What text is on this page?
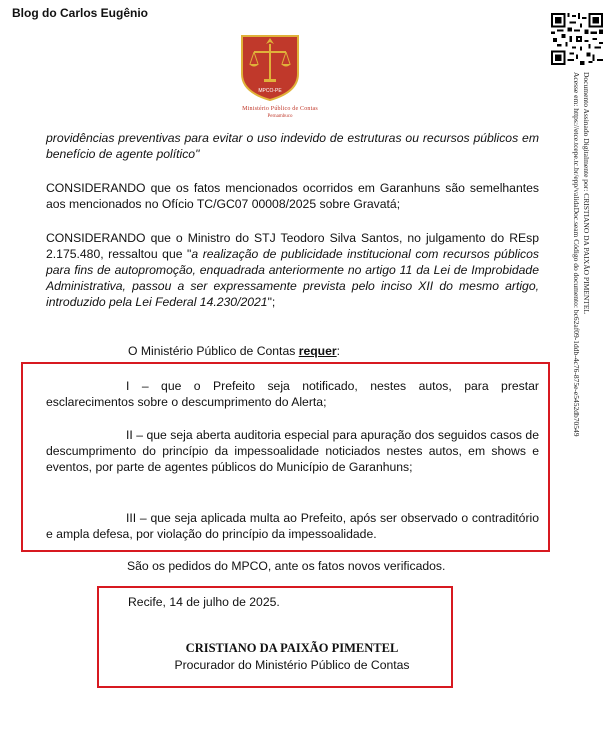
Blog do Carlos Eugênio
Documento Assinado Digitalmente por: CRISTIANO DA PAIXÃO PIMENTEL
Acesse em: https://etce.tcepe.tc.br/epp/validaDoc.seam Código do documento: bc62af09-1ddb-4c76-875e-e5452db70549
MPCO-PE
Ministério Público de Contas
Pernambuco
providências preventivas para evitar o uso indevido de estruturas ou recursos públicos em benefício de agente político"
CONSIDERANDO que os fatos mencionados ocorridos em Garanhuns são semelhantes aos mencionados no Ofício TC/GC07 00008/2025 sobre Gravatá;
CONSIDERANDO que o Ministro do STJ Teodoro Silva Santos, no julgamento do REsp 2.175.480, ressaltou que "a realização de publicidade institucional com recursos públicos para fins de autopromoção, enquadrada anteriormente no artigo 11 da Lei de Improbidade Administrativa, passou a ser expressamente prevista pelo inciso XII do mesmo artigo, introduzido pela Lei Federal 14.230/2021";
O Ministério Público de Contas requer:
I – que o Prefeito seja notificado, nestes autos, para prestar esclarecimentos sobre o descumprimento do Alerta;
II – que seja aberta auditoria especial para apuração dos seguidos casos de descumprimento do princípio da impessoalidade noticiados nestes autos, em shows e eventos, por parte de agentes públicos do Município de Garanhuns;
III – que seja aplicada multa ao Prefeito, após ser observado o contraditório e ampla defesa, por violação do princípio da impessoalidade.
São os pedidos do MPCO, ante os fatos novos verificados.
Recife, 14 de julho de 2025.
CRISTIANO DA PAIXÃO PIMENTEL
Procurador do Ministério Público de Contas
